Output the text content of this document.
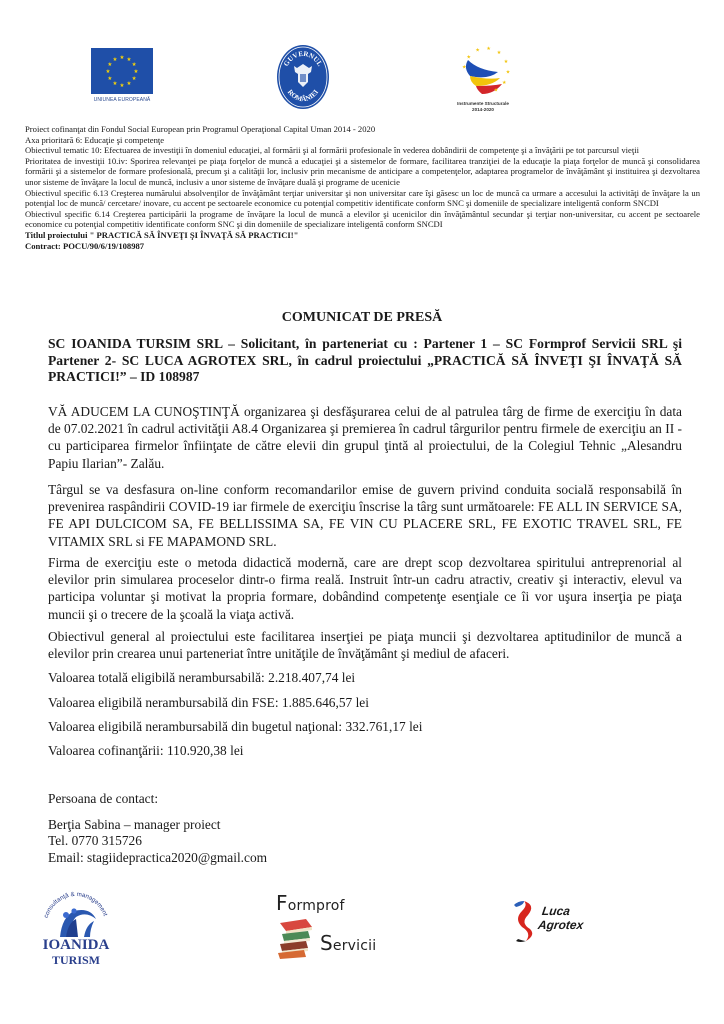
★ ★
★
★
★
★
★
★
★
★
★
★
UNIUNEA EUROPEANĂ
GUVERNUL
ROMÂNIEI
★
★
★ ★
★
★
★
★
★
Instrumente Structurale
2014-2020
Proiect cofinanţat din Fondul Social European prin Programul Operaţional Capital Uman 2014 - 2020
Axa prioritară 6: Educaţie şi competenţe
Obiectivul tematic 10: Efectuarea de investiţii în domeniul educaţiei, al formării şi al formării profesionale în vederea dobândirii de competenţe şi a învăţării pe tot parcursul vieţii
Prioritatea de investiţii 10.iv: Sporirea relevanţei pe piaţa forţelor de muncă a educaţiei şi a sistemelor de formare, facilitarea tranziţiei de la educaţie la piaţa forţelor de muncă şi consolidarea formării şi a sistemelor de formare profesională, precum şi a calităţii lor, inclusiv prin mecanisme de anticipare a competenţelor, adaptarea programelor de învăţământ şi instituirea şi dezvoltarea unor sisteme de învăţare la locul de muncă, inclusiv a unor sisteme de învăţare duală şi programe de ucenicie
Obiectivul specific 6.13 Creşterea numărului absolvenţilor de învăţământ terţiar universitar şi non universitar care îşi găsesc un loc de muncă ca urmare a accesului la activităţi de învăţare la un potenţial loc de muncă/ cercetare/ inovare, cu accent pe sectoarele economice cu potenţial competitiv identificate conform SNC şi domeniile de specializare inteligentă conform SNCDI
Obiectivul specific 6.14 Creşterea participării la programe de învăţare la locul de muncă a elevilor şi ucenicilor din învăţământul secundar şi terţiar non-universitar, cu accent pe sectoarele economice cu potenţial competitiv identificate conform SNC şi din domeniile de specializare inteligentă conform SNCDI
Titlul proiectului " PRACTICĂ SĂ ÎNVEŢI ŞI ÎNVAŢĂ SĂ PRACTICI!"
Contract: POCU/90/6/19/108987
COMUNICAT DE PRESĂ
SC IOANIDA TURSIM SRL – Solicitant, în parteneriat cu : Partener 1 – SC Formprof Servicii SRL şi Partener 2- SC LUCA AGROTEX SRL, în cadrul proiectului „PRACTICĂ SĂ ÎNVEŢI ŞI ÎNVAŢĂ SĂ PRACTICI!” – ID 108987
VĂ ADUCEM LA CUNOŞTINŢĂ organizarea şi desfăşurarea celui de al patrulea târg de firme de exerciţiu în data de 07.02.2021 în cadrul activităţii A8.4 Organizarea şi premierea în cadrul târgurilor pentru firmele de exerciţiu an II - cu participarea firmelor înfiinţate de către elevii din grupul ţintă al proiectului, de la Colegiul Tehnic „Alesandru Papiu Ilarian”- Zalău.
Târgul se va desfasura on-line conform recomandarilor emise de guvern privind conduita socială responsabilă în prevenirea raspândirii COVID-19 iar firmele de exerciţiu înscrise la târg sunt următoarele: FE ALL IN SERVICE SA, FE API DULCICOM SA, FE BELLISSIMA SA, FE VIN CU PLACERE SRL, FE EXOTIC TRAVEL SRL, FE VITAMIX SRL si FE MAPAMOND SRL.
Firma de exerciţiu este o metoda didactică modernă, care are drept scop dezvoltarea spiritului antreprenorial al elevilor prin simularea proceselor dintr-o firma reală. Instruit într-un cadru atractiv, creativ şi interactiv, elevul va participa voluntar şi motivat la propria formare, dobândind competenţe esenţiale ce îi vor uşura inserţia pe piaţa muncii şi o trecere de la şcoală la viaţa activă.
Obiectivul general al proiectului este facilitarea inserţiei pe piaţa muncii şi dezvoltarea aptitudinilor de muncă a elevilor prin crearea unui parteneriat între unităţile de învăţământ şi mediul de afaceri.
Valoarea totală eligibilă nerambursabilă: 2.218.407,74 lei
Valoarea eligibilă nerambursabilă din FSE: 1.885.646,57 lei
Valoarea eligibilă nerambursabilă din bugetul naţional: 332.761,17 lei
Valoarea cofinanţării: 110.920,38 lei
Persoana de contact:
Berţia Sabina – manager proiect
Tel. 0770 315726
Email: stagiidepractica2020@gmail.com
consultanţă & management
IOANIDA
TURISM
Formprof
Servicii
Luca
Agrotex
